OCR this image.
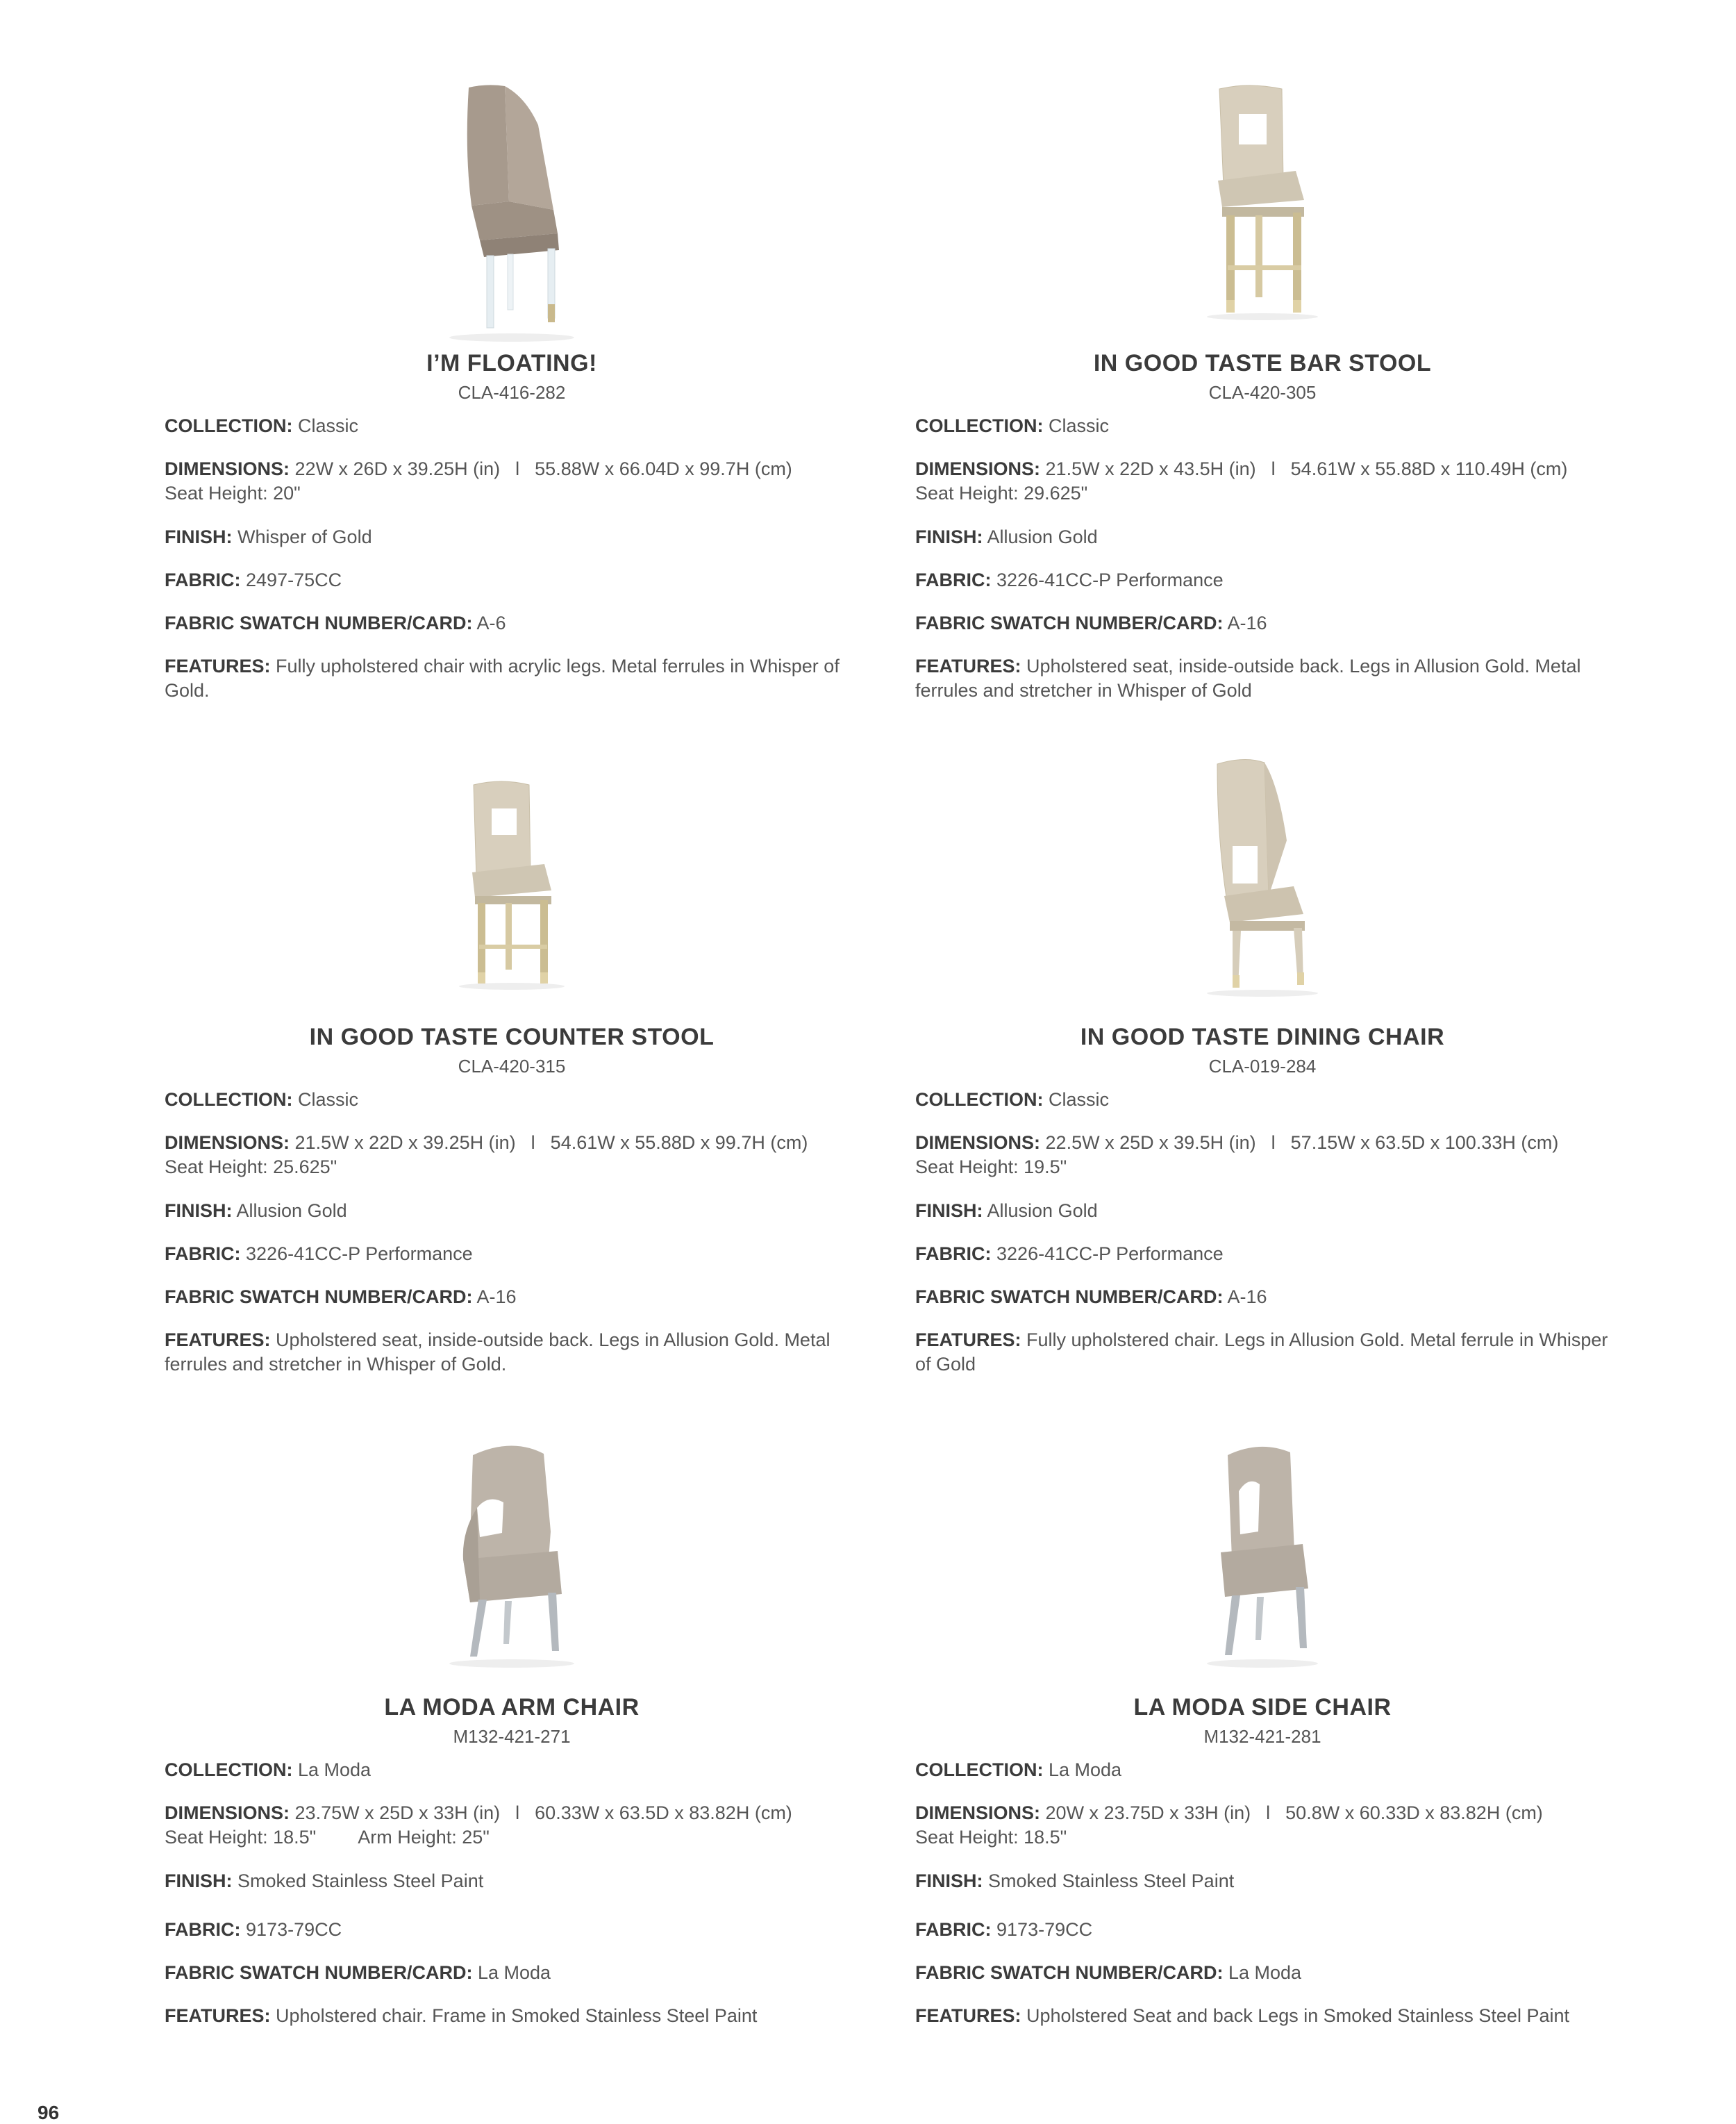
I’M FLOATING!
CLA-416-282
COLLECTION: Classic
DIMENSIONS: 22W x 26D x 39.25H (in) l 55.88W x 66.04D x 99.7H (cm)
Seat Height: 20"
FINISH: Whisper of Gold
FABRIC: 2497-75CC
FABRIC SWATCH NUMBER/CARD: A-6
FEATURES: Fully upholstered chair with acrylic legs. Metal ferrules in Whisper of Gold.
IN GOOD TASTE BAR STOOL
CLA-420-305
COLLECTION: Classic
DIMENSIONS: 21.5W x 22D x 43.5H (in) l 54.61W x 55.88D x 110.49H (cm)
Seat Height: 29.625"
FINISH: Allusion Gold
FABRIC: 3226-41CC-P Performance
FABRIC SWATCH NUMBER/CARD: A-16
FEATURES: Upholstered seat, inside-outside back. Legs in Allusion Gold. Metal ferrules and stretcher in Whisper of Gold
IN GOOD TASTE COUNTER STOOL
CLA-420-315
COLLECTION: Classic
DIMENSIONS: 21.5W x 22D x 39.25H (in) l 54.61W x 55.88D x 99.7H (cm)
Seat Height: 25.625"
FINISH: Allusion Gold
FABRIC: 3226-41CC-P Performance
FABRIC SWATCH NUMBER/CARD: A-16
FEATURES: Upholstered seat, inside-outside back. Legs in Allusion Gold. Metal ferrules and stretcher in Whisper of Gold.
IN GOOD TASTE DINING CHAIR
CLA-019-284
COLLECTION: Classic
DIMENSIONS: 22.5W x 25D x 39.5H (in) l 57.15W x 63.5D x 100.33H (cm)
Seat Height: 19.5"
FINISH: Allusion Gold
FABRIC: 3226-41CC-P Performance
FABRIC SWATCH NUMBER/CARD: A-16
FEATURES: Fully upholstered chair. Legs in Allusion Gold. Metal ferrule in Whisper of Gold
LA MODA ARM CHAIR
M132-421-271
COLLECTION: La Moda
DIMENSIONS: 23.75W x 25D x 33H (in) l 60.33W x 63.5D x 83.82H (cm)
Seat Height: 18.5" Arm Height: 25"
FINISH: Smoked Stainless Steel Paint
FABRIC: 9173-79CC
FABRIC SWATCH NUMBER/CARD: La Moda
FEATURES: Upholstered chair. Frame in Smoked Stainless Steel Paint
LA MODA SIDE CHAIR
M132-421-281
COLLECTION: La Moda
DIMENSIONS: 20W x 23.75D x 33H (in) l 50.8W x 60.33D x 83.82H (cm)
Seat Height: 18.5"
FINISH: Smoked Stainless Steel Paint
FABRIC: 9173-79CC
FABRIC SWATCH NUMBER/CARD: La Moda
FEATURES: Upholstered Seat and back Legs in Smoked Stainless Steel Paint
96
